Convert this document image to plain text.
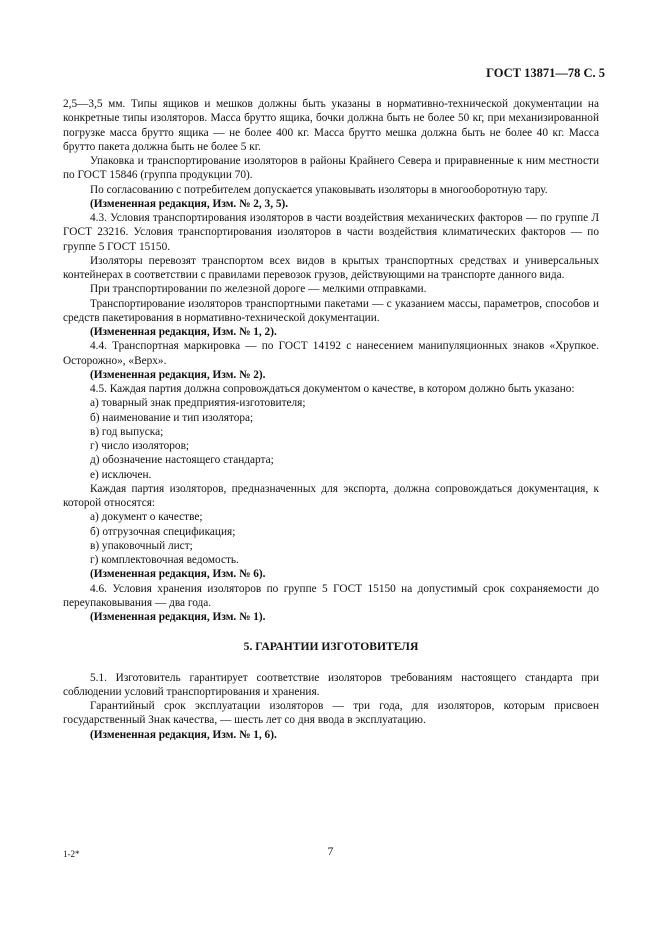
ГОСТ 13871—78 С. 5

2,5—3,5 мм. Типы ящиков и мешков должны быть указаны в нормативно-технической документации на конкретные типы изоляторов. Масса брутто ящика, бочки должна быть не более 50 кг, при механизированной погрузке масса брутто ящика — не более 400 кг. Масса брутто мешка должна быть не более 40 кг. Масса брутто пакета должна быть не более 5 кг.

Упаковка и транспортирование изоляторов в районы Крайнего Севера и приравненные к ним местности по ГОСТ 15846 (группа продукции 70).

По согласованию с потребителем допускается упаковывать изоляторы в многооборотную тару.

(Измененная редакция, Изм. № 2, 3, 5).

4.3. Условия транспортирования изоляторов в части воздействия механических факторов — по группе Л ГОСТ 23216. Условия транспортирования изоляторов в части воздействия климатических факторов — по группе 5 ГОСТ 15150.

Изоляторы перевозят транспортом всех видов в крытых транспортных средствах и универсальных контейнерах в соответствии с правилами перевозок грузов, действующими на транспорте данного вида.

При транспортировании по железной дороге — мелкими отправками.

Транспортирование изоляторов транспортными пакетами — с указанием массы, параметров, способов и средств пакетирования в нормативно-технической документации.

(Измененная редакция, Изм. № 1, 2).

4.4. Транспортная маркировка — по ГОСТ 14192 с нанесением манипуляционных знаков «Хрупкое. Осторожно», «Верх».

(Измененная редакция, Изм. № 2).

4.5. Каждая партия должна сопровождаться документом о качестве, в котором должно быть указано:

а) товарный знак предприятия-изготовителя;

б) наименование и тип изолятора;

в) год выпуска;

г) число изоляторов;

д) обозначение настоящего стандарта;

е) исключен.

Каждая партия изоляторов, предназначенных для экспорта, должна сопровождаться документация, к которой относятся:

а) документ о качестве;

б) отгрузочная спецификация;

в) упаковочный лист;

г) комплектовочная ведомость.

(Измененная редакция, Изм. № 6).

4.6. Условия хранения изоляторов по группе 5 ГОСТ 15150 на допустимый срок сохраняемости до переупаковывания — два года.

(Измененная редакция, Изм. № 1).

5. ГАРАНТИИ ИЗГОТОВИТЕЛЯ

5.1. Изготовитель гарантирует соответствие изоляторов требованиям настоящего стандарта при соблюдении условий транспортирования и хранения.

Гарантийный срок эксплуатации изоляторов — три года, для изоляторов, которым присвоен государственный Знак качества, — шесть лет со дня ввода в эксплуатацию.

(Измененная редакция, Изм. № 1, 6).

1-2*	7
